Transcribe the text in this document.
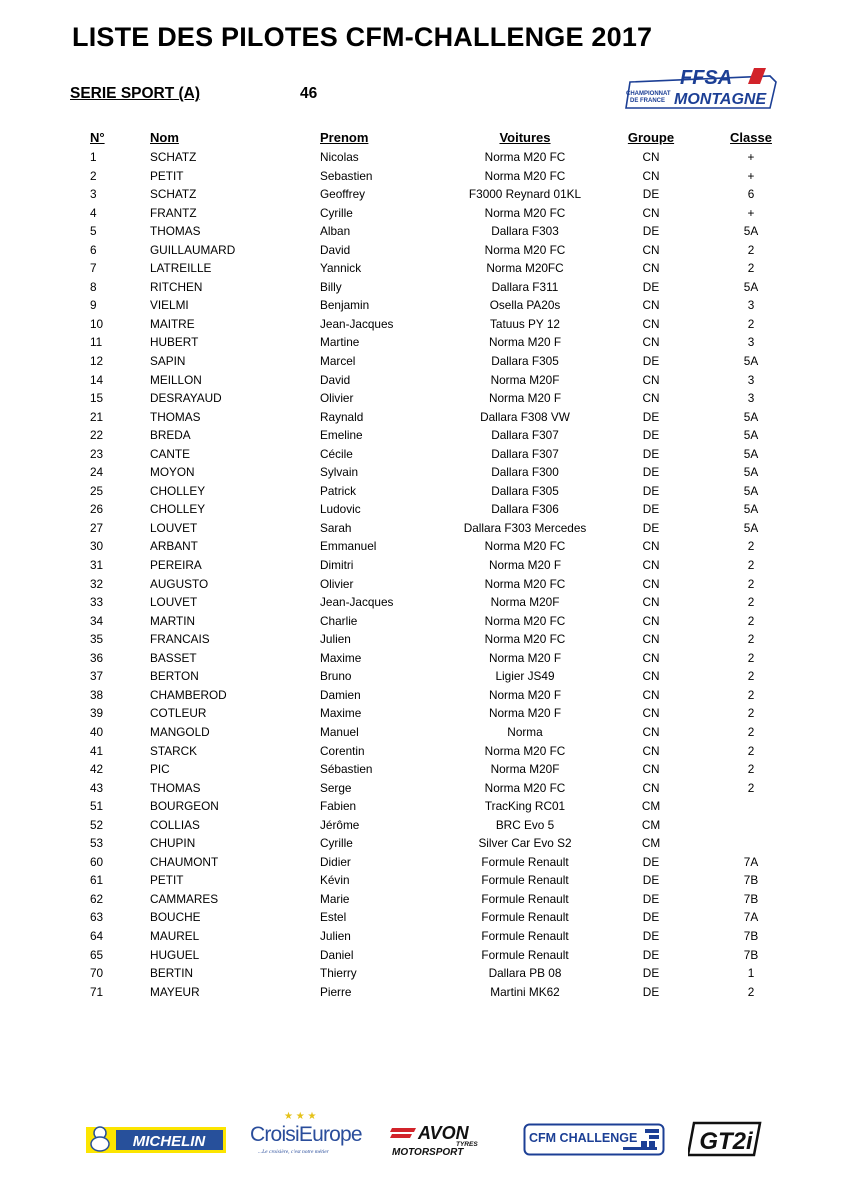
LISTE DES PILOTES CFM-CHALLENGE 2017
SERIE SPORT (A)	46
FFSA
CHAMPIONNAT
DE FRANCE MONTAGNE
N°	Nom	Prenom	Voitures	Groupe	Classe
1	SCHATZ	Nicolas	Norma M20 FC	CN	+
2	PETIT	Sebastien	Norma M20 FC	CN	+
3	SCHATZ	Geoffrey	F3000 Reynard 01KL	DE	6
4	FRANTZ	Cyrille	Norma M20 FC	CN	+
5	THOMAS	Alban	Dallara F303	DE	5A
6	GUILLAUMARD	David	Norma M20 FC	CN	2
7	LATREILLE	Yannick	Norma M20FC	CN	2
8	RITCHEN	Billy	Dallara F311	DE	5A
9	VIELMI	Benjamin	Osella PA20s	CN	3
10	MAITRE	Jean-Jacques	Tatuus PY 12	CN	2
11	HUBERT	Martine	Norma M20 F	CN	3
12	SAPIN	Marcel	Dallara F305	DE	5A
14	MEILLON	David	Norma M20F	CN	3
15	DESRAYAUD	Olivier	Norma M20 F	CN	3
21	THOMAS	Raynald	Dallara F308 VW	DE	5A
22	BREDA	Emeline	Dallara F307	DE	5A
23	CANTE	Cécile	Dallara F307	DE	5A
24	MOYON	Sylvain	Dallara F300	DE	5A
25	CHOLLEY	Patrick	Dallara F305	DE	5A
26	CHOLLEY	Ludovic	Dallara F306	DE	5A
27	LOUVET	Sarah	Dallara F303 Mercedes	DE	5A
30	ARBANT	Emmanuel	Norma M20 FC	CN	2
31	PEREIRA	Dimitri	Norma M20 F	CN	2
32	AUGUSTO	Olivier	Norma M20 FC	CN	2
33	LOUVET	Jean-Jacques	Norma M20F	CN	2
34	MARTIN	Charlie	Norma M20 FC	CN	2
35	FRANCAIS	Julien	Norma M20 FC	CN	2
36	BASSET	Maxime	Norma M20 F	CN	2
37	BERTON	Bruno	Ligier JS49	CN	2
38	CHAMBEROD	Damien	Norma M20 F	CN	2
39	COTLEUR	Maxime	Norma M20 F	CN	2
40	MANGOLD	Manuel	Norma	CN	2
41	STARCK	Corentin	Norma M20 FC	CN	2
42	PIC	Sébastien	Norma M20F	CN	2
43	THOMAS	Serge	Norma M20 FC	CN	2
51	BOURGEON	Fabien	TracKing RC01	CM	
52	COLLIAS	Jérôme	BRC Evo 5	CM	
53	CHUPIN	Cyrille	Silver Car Evo S2	CM	
60	CHAUMONT	Didier	Formule Renault	DE	7A
61	PETIT	Kévin	Formule Renault	DE	7B
62	CAMMARES	Marie	Formule Renault	DE	7B
63	BOUCHE	Estel	Formule Renault	DE	7A
64	MAUREL	Julien	Formule Renault	DE	7B
65	HUGUEL	Daniel	Formule Renault	DE	7B
70	BERTIN	Thierry	Dallara PB 08	DE	1
71	MAYEUR	Pierre	Martini MK62	DE	2
MICHELIN
★ ★ ★
CroisiEurope
...Le croisière, c'est notre métier
AVON
TYRES
MOTORSPORT
CFM CHALLENGE	GT2i
